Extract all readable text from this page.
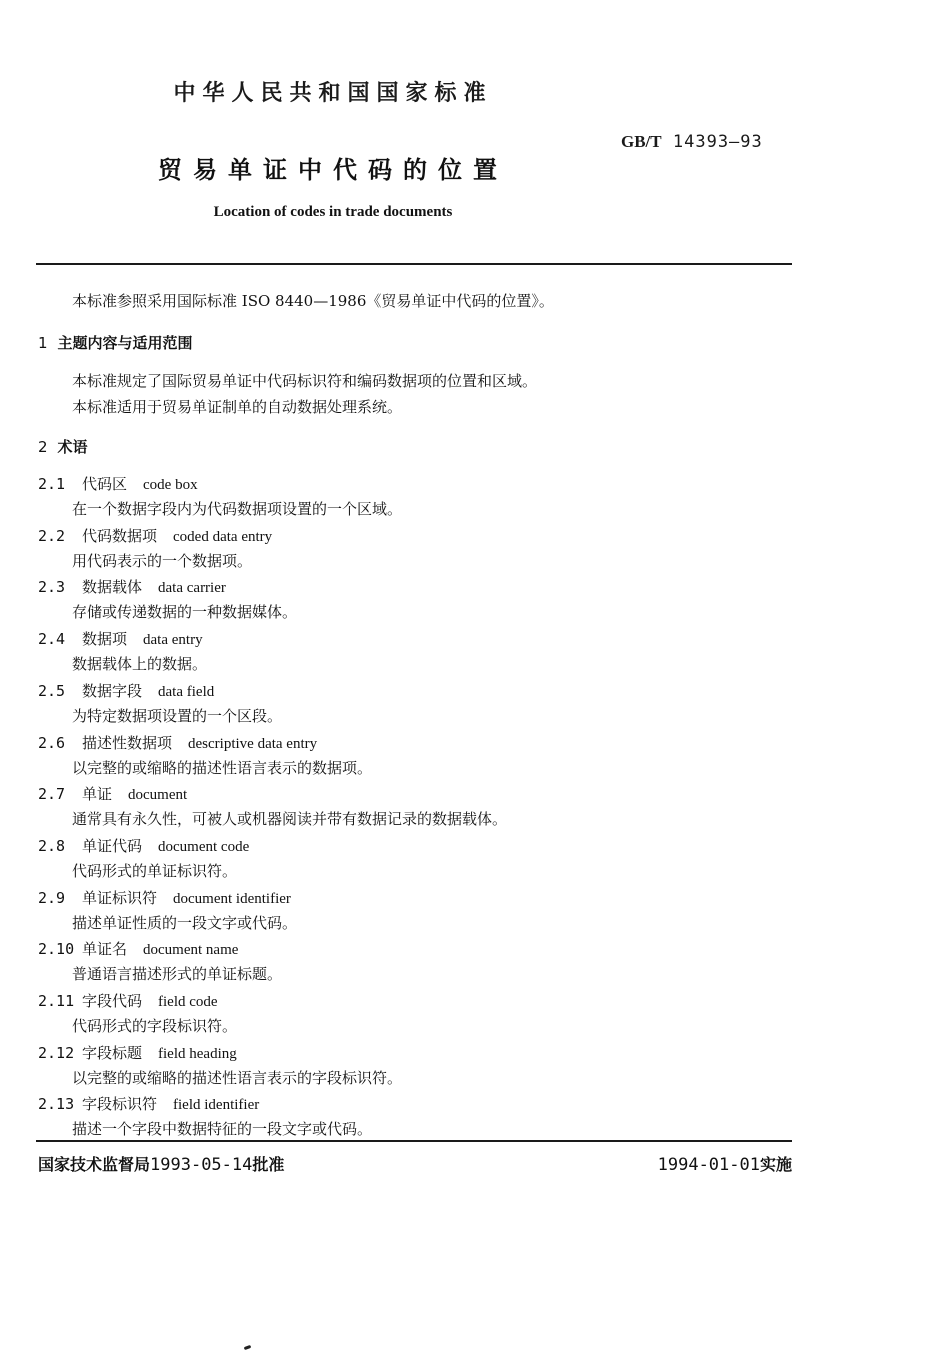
中华人民共和国国家标准
GB/T 14393—93
贸易单证中代码的位置
Location of codes in trade documents
本标准参照采用国际标准 ISO 8440—1986《贸易单证中代码的位置》。
1 主题内容与适用范围
本标准规定了国际贸易单证中代码标识符和编码数据项的位置和区域。
本标准适用于贸易单证制单的自动数据处理系统。
2 术语
2.1 代码区 code box
在一个数据字段内为代码数据项设置的一个区域。
2.2 代码数据项 coded data entry
用代码表示的一个数据项。
2.3 数据载体 data carrier
存储或传递数据的一种数据媒体。
2.4 数据项 data entry
数据载体上的数据。
2.5 数据字段 data field
为特定数据项设置的一个区段。
2.6 描述性数据项 descriptive data entry
以完整的或缩略的描述性语言表示的数据项。
2.7 单证 document
通常具有永久性，可被人或机器阅读并带有数据记录的数据载体。
2.8 单证代码 document code
代码形式的单证标识符。
2.9 单证标识符 document identifier
描述单证性质的一段文字或代码。
2.10 单证名 document name
普通语言描述形式的单证标题。
2.11 字段代码 field code
代码形式的字段标识符。
2.12 字段标题 field heading
以完整的或缩略的描述性语言表示的字段标识符。
2.13 字段标识符 field identifier
描述一个字段中数据特征的一段文字或代码。
国家技术监督局1993-05-14批准	1994-01-01实施
